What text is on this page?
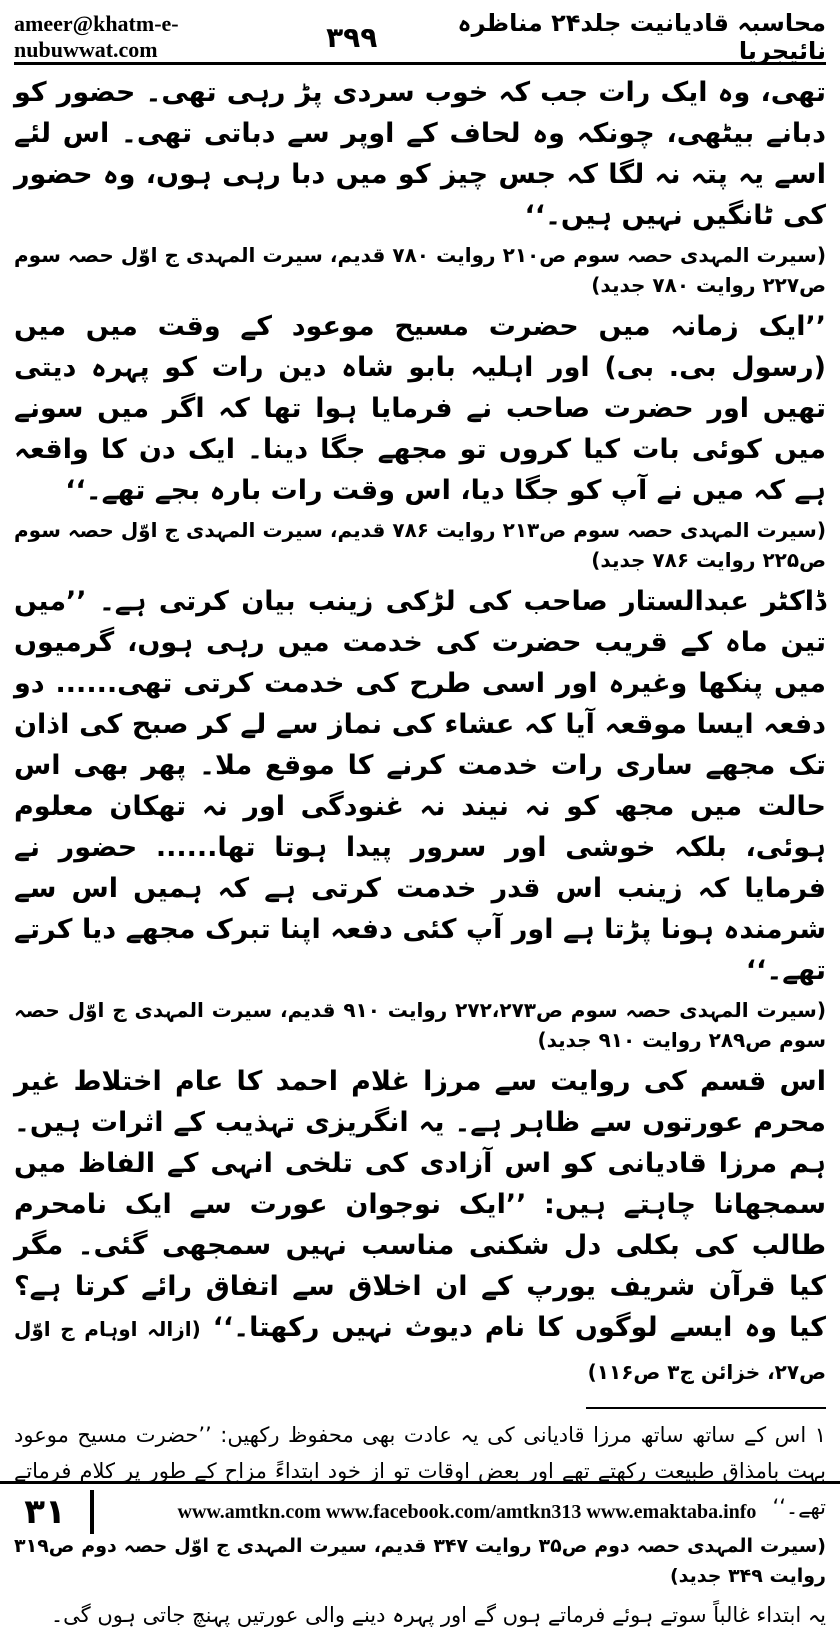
ameer@khatm-e-nubuwwat.com	۳۹۹	محاسبہ قادیانیت جلد۲۴ مناظرہ نائیجریا

تھی، وہ ایک رات جب کہ خوب سردی پڑ رہی تھی۔ حضور کو دبانے بیٹھی، چونکہ وہ لحاف کے اوپر سے دباتی تھی۔ اس لئے اسے یہ پتہ نہ لگا کہ جس چیز کو میں دبا رہی ہوں، وہ حضور کی ٹانگیں نہیں ہیں۔‘‘

(سیرت المہدی حصہ سوم ص۲۱۰ روایت ۷۸۰ قدیم، سیرت المہدی ج اوّل حصہ سوم ص۲۲۷ روایت ۷۸۰ جدید)

’’ایک زمانہ میں حضرت مسیح موعود کے وقت میں میں (رسول بی. بی) اور اہلیہ بابو شاہ دین رات کو پہرہ دیتی تھیں اور حضرت صاحب نے فرمایا ہوا تھا کہ اگر میں سونے میں کوئی بات کیا کروں تو مجھے جگا دینا۔ ایک دن کا واقعہ ہے کہ میں نے آپ کو جگا دیا، اس وقت رات بارہ بجے تھے۔‘‘

(سیرت المہدی حصہ سوم ص۲۱۳ روایت ۷۸۶ قدیم، سیرت المہدی ج اوّل حصہ سوم ص۲۲۵ روایت ۷۸۶ جدید)

ڈاکٹر عبدالستار صاحب کی لڑکی زینب بیان کرتی ہے۔ ’’میں تین ماہ کے قریب حضرت کی خدمت میں رہی ہوں، گرمیوں میں پنکھا وغیرہ اور اسی طرح کی خدمت کرتی تھی...... دو دفعہ ایسا موقعہ آیا کہ عشاء کی نماز سے لے کر صبح کی اذان تک مجھے ساری رات خدمت کرنے کا موقع ملا۔ پھر بھی اس حالت میں مجھ کو نہ نیند نہ غنودگی اور نہ تھکان معلوم ہوئی، بلکہ خوشی اور سرور پیدا ہوتا تھا...... حضور نے فرمایا کہ زینب اس قدر خدمت کرتی ہے کہ ہمیں اس سے شرمندہ ہونا پڑتا ہے اور آپ کئی دفعہ اپنا تبرک مجھے دیا کرتے تھے۔‘‘

(سیرت المہدی حصہ سوم ص۲۷۲،۲۷۳ روایت ۹۱۰ قدیم، سیرت المہدی ج اوّل حصہ سوم ص۲۸۹ روایت ۹۱۰ جدید)

اس قسم کی روایت سے مرزا غلام احمد کا عام اختلاط غیر محرم عورتوں سے ظاہر ہے۔ یہ انگریزی تہذیب کے اثرات ہیں۔ ہم مرزا قادیانی کو اس آزادی کی تلخی انہی کے الفاظ میں سمجھانا چاہتے ہیں: ’’ایک نوجوان عورت سے ایک نامحرم طالب کی بکلی دل شکنی مناسب نہیں سمجھی گئی۔ مگر کیا قرآن شریف یورپ کے ان اخلاق سے اتفاق رائے کرتا ہے؟ کیا وہ ایسے لوگوں کا نام دیوث نہیں رکھتا۔‘‘ (ازالہ اوہام ج اوّل ص۲۷، خزائن ج۳ ص۱۱۶)

۱ اس کے ساتھ ساتھ مرزا قادیانی کی یہ عادت بھی محفوظ رکھیں: ’’حضرت مسیح موعود بہت بامذاق طبیعت رکھتے تھے اور بعض اوقات تو از خود ابتداءً مزاح کے طور پر کلام فرماتے تھے۔‘‘

(سیرت المہدی حصہ دوم ص۳۵ روایت ۳۴۷ قدیم، سیرت المہدی ج اوّل حصہ دوم ص۳۱۹ روایت ۳۴۹ جدید)

یہ ابتداء غالباً سوتے ہوئے فرماتے ہوں گے اور پہرہ دینے والی عورتیں پہنچ جاتی ہوں گی۔

۳۱	www.amtkn.com www.facebook.com/amtkn313 www.emaktaba.info
